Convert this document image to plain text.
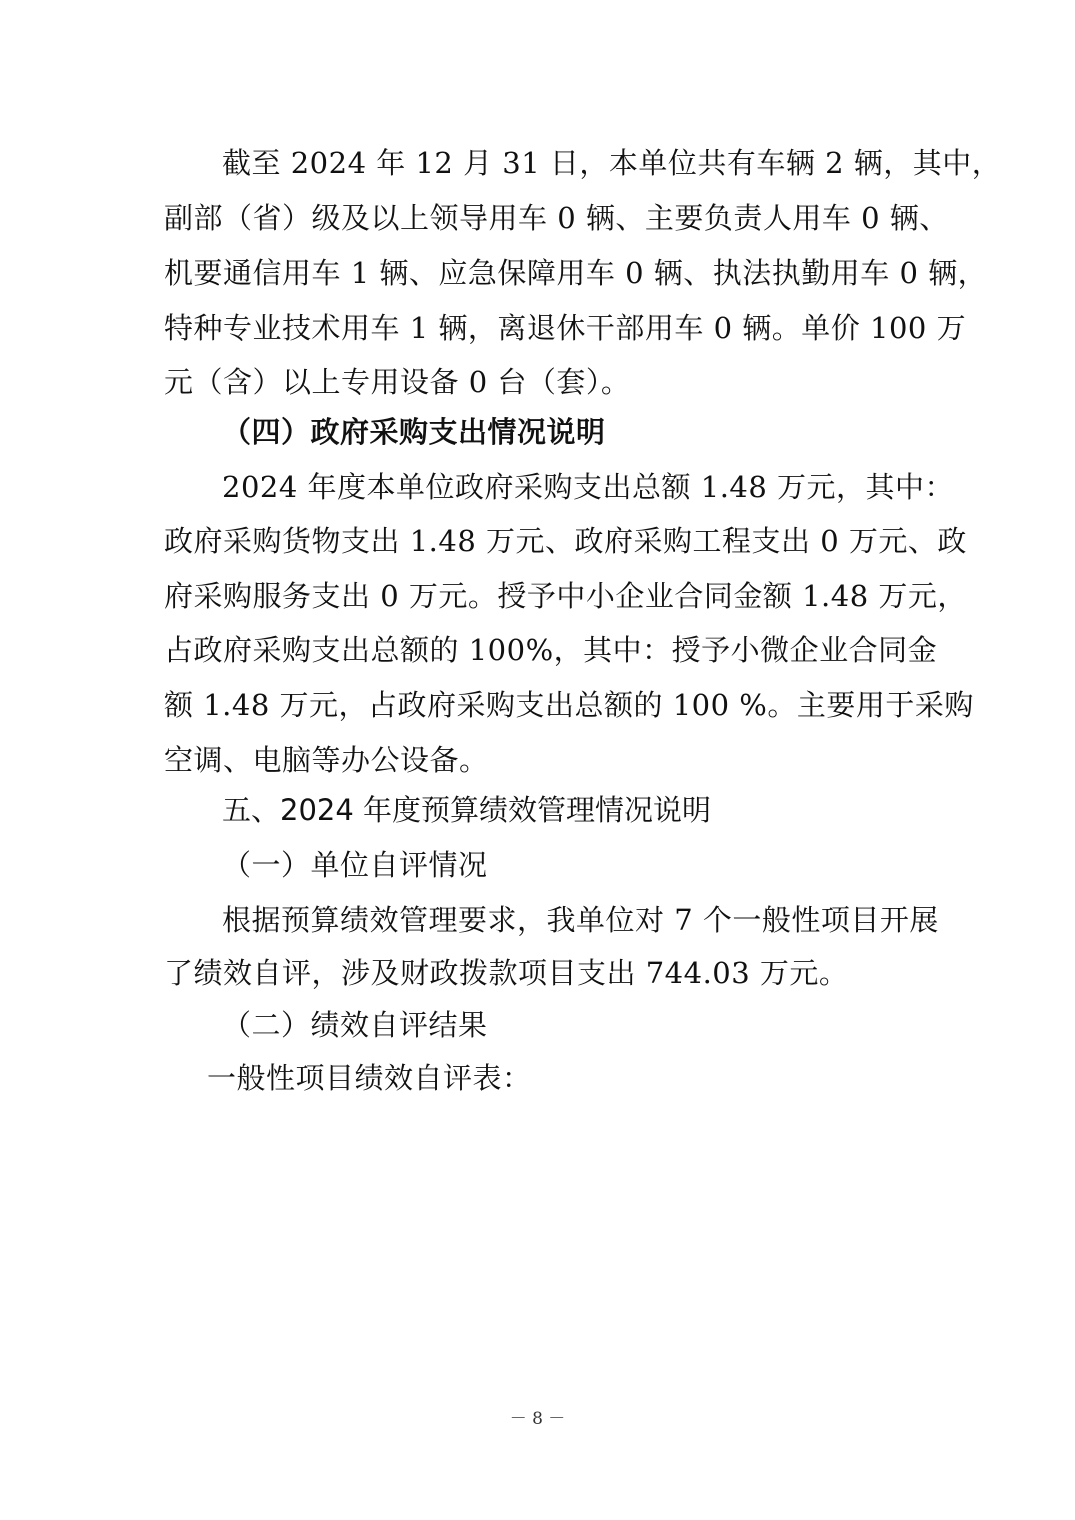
截至 2024 年 12 月 31 日，本单位共有车辆 2 辆，其中，
副部（省）级及以上领导用车 0 辆、主要负责人用车 0 辆、
机要通信用车 1 辆、应急保障用车 0 辆、执法执勤用车 0 辆，
特种专业技术用车 1 辆，离退休干部用车 0 辆。单价 100 万
元（含）以上专用设备 0 台（套）。
（四）政府采购支出情况说明
2024 年度本单位政府采购支出总额 1.48 万元，其中：
政府采购货物支出 1.48 万元、政府采购工程支出 0 万元、政
府采购服务支出 0 万元。授予中小企业合同金额 1.48 万元，
占政府采购支出总额的 100%，其中：授予小微企业合同金
额 1.48 万元，占政府采购支出总额的 100 %。主要用于采购
空调、电脑等办公设备。
五、2024 年度预算绩效管理情况说明
（一）单位自评情况
根据预算绩效管理要求，我单位对 7 个一般性项目开展
了绩效自评，涉及财政拨款项目支出 744.03 万元。
（二）绩效自评结果
一般性项目绩效自评表：
－ 8 －
